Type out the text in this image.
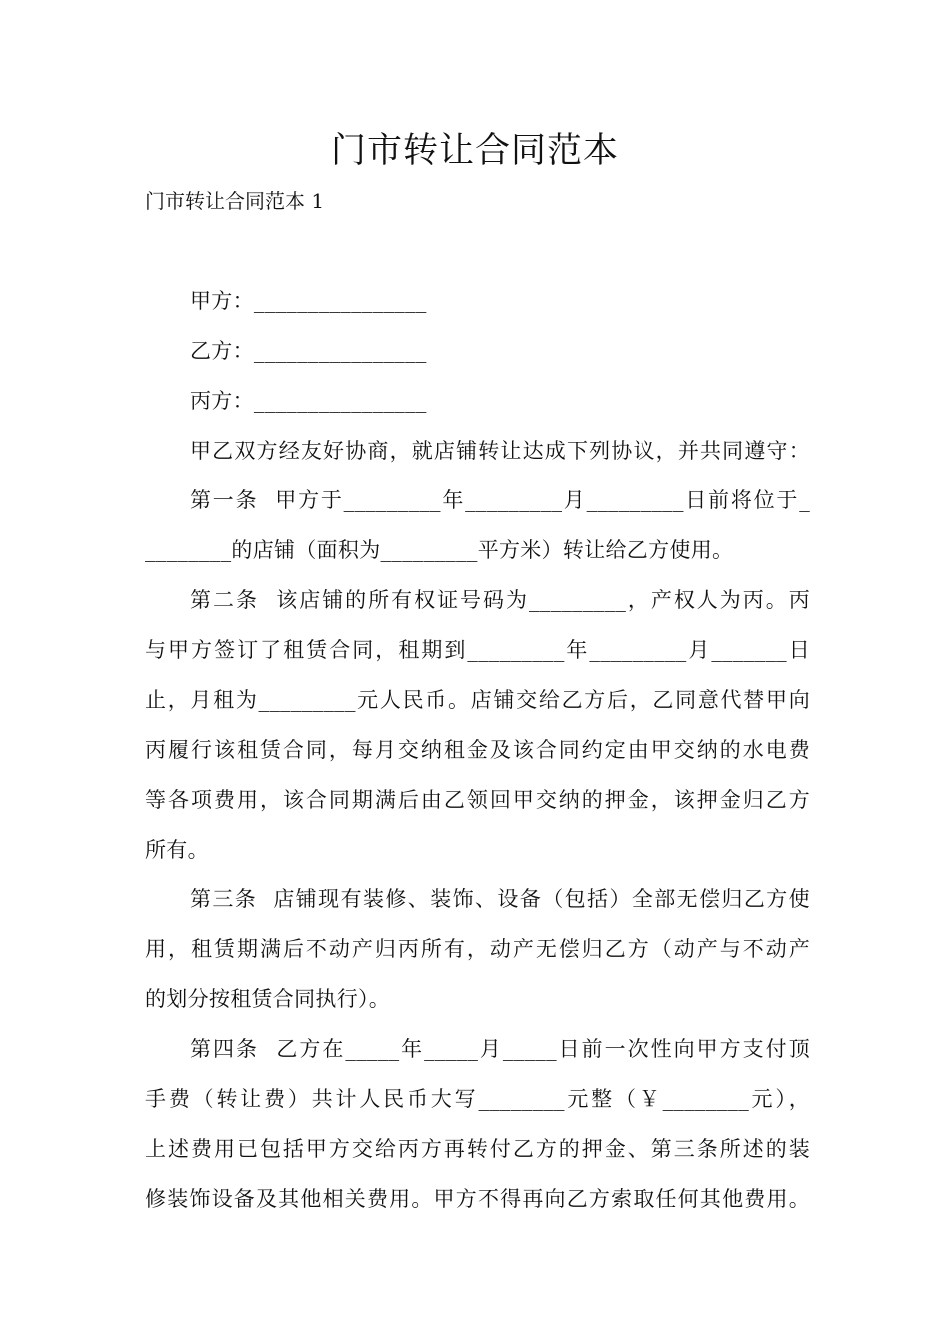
门市转让合同范本
门市转让合同范本 1
甲方：________________
乙方：________________
丙方：________________
甲乙双方经友好协商，就店铺转让达成下列协议，并共同遵守：
第一条  甲方于_________年_________月_________日前将位于_
________的店铺（面积为_________平方米）转让给乙方使用。
第二条  该店铺的所有权证号码为_________，产权人为丙。丙
与甲方签订了租赁合同，租期到_________年_________月_______日
止，月租为_________元人民币。店铺交给乙方后，乙同意代替甲向
丙履行该租赁合同，每月交纳租金及该合同约定由甲交纳的水电费
等各项费用，该合同期满后由乙领回甲交纳的押金，该押金归乙方
所有。
第三条  店铺现有装修、装饰、设备（包括）全部无偿归乙方使
用，租赁期满后不动产归丙所有，动产无偿归乙方（动产与不动产
的划分按租赁合同执行）。
第四条  乙方在_____年_____月_____日前一次性向甲方支付顶
手费（转让费）共计人民币大写________元整（￥________元），
上述费用已包括甲方交给丙方再转付乙方的押金、第三条所述的装
修装饰设备及其他相关费用。甲方不得再向乙方索取任何其他费用。
